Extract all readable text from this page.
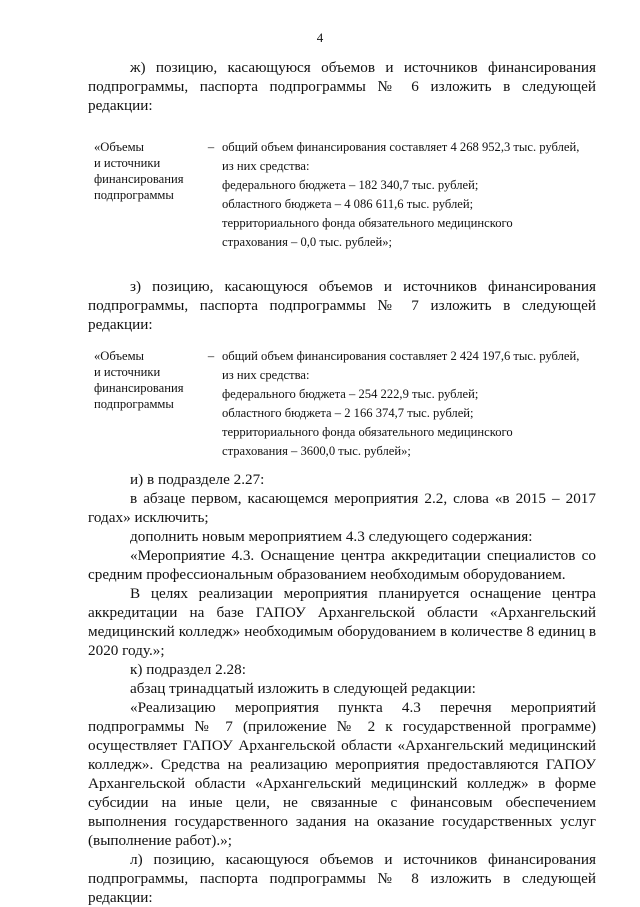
4

ж) позицию, касающуюся объемов и источников финансирования подпрограммы, паспорта подпрограммы № 6 изложить в следующей редакции:

«Объемы
и источники
финансирования
подпрограммы
– общий объем финансирования составляет 4 268 952,3 тыс. рублей,
из них средства:
федерального бюджета – 182 340,7 тыс. рублей;
областного бюджета – 4 086 611,6 тыс. рублей;
территориального фонда обязательного медицинского
страхования – 0,0 тыс. рублей»;

з) позицию, касающуюся объемов и источников финансирования подпрограммы, паспорта подпрограммы № 7 изложить в следующей редакции:

«Объемы
и источники
финансирования
подпрограммы
– общий объем финансирования составляет 2 424 197,6 тыс. рублей,
из них средства:
федерального бюджета – 254 222,9 тыс. рублей;
областного бюджета – 2 166 374,7 тыс. рублей;
территориального фонда обязательного медицинского
страхования – 3600,0 тыс. рублей»;

и) в подразделе 2.27:

в абзаце первом, касающемся мероприятия 2.2, слова «в 2015 – 2017 годах» исключить;

дополнить новым мероприятием 4.3 следующего содержания:

«Мероприятие 4.3. Оснащение центра аккредитации специалистов со средним профессиональным образованием необходимым оборудованием.

В целях реализации мероприятия планируется оснащение центра аккредитации на базе ГАПОУ Архангельской области «Архангельский медицинский колледж» необходимым оборудованием в количестве 8 единиц в 2020 году.»;

к) подраздел 2.28:

абзац тринадцатый изложить в следующей редакции:

«Реализацию мероприятия пункта 4.3 перечня мероприятий подпрограммы № 7 (приложение № 2 к государственной программе) осуществляет ГАПОУ Архангельской области «Архангельский медицинский колледж». Средства на реализацию мероприятия предоставляются ГАПОУ Архангельской области «Архангельский медицинский колледж» в форме субсидии на иные цели, не связанные с финансовым обеспечением выполнения государственного задания на оказание государственных услуг (выполнение работ).»;

л) позицию, касающуюся объемов и источников финансирования подпрограммы, паспорта подпрограммы № 8 изложить в следующей редакции:
